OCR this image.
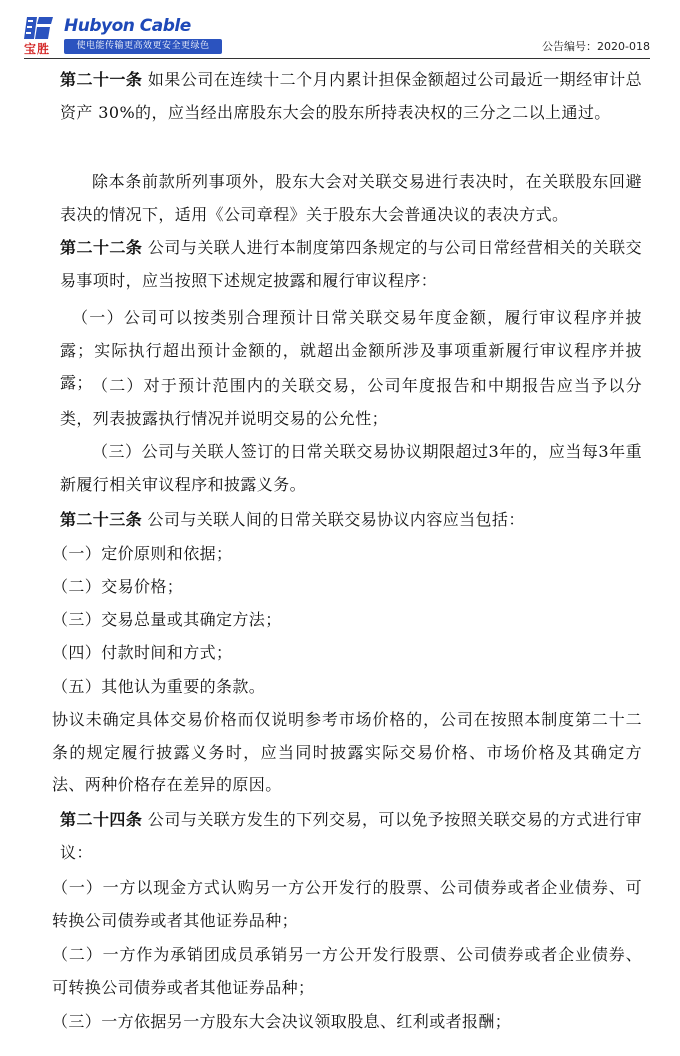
宝胜
Hubyon Cable
使电能传输更高效更安全更绿色	公告编号：2020-018

第二十一条 如果公司在连续十二个月内累计担保金额超过公司最近一期经审计总资产 30%的，应当经出席股东大会的股东所持表决权的三分之二以上通过。

除本条前款所列事项外，股东大会对关联交易进行表决时，在关联股东回避表决的情况下，适用《公司章程》关于股东大会普通决议的表决方式。

第二十二条 公司与关联人进行本制度第四条规定的与公司日常经营相关的关联交易事项时，应当按照下述规定披露和履行审议程序：

（一）公司可以按类别合理预计日常关联交易年度金额，履行审议程序并披露；实际执行超出预计金额的，就超出金额所涉及事项重新履行审议程序并披露； （二）对于预计范围内的关联交易，公司年度报告和中期报告应当予以分类，列表披露执行情况并说明交易的公允性；

（三）公司与关联人签订的日常关联交易协议期限超过3年的，应当每3年重新履行相关审议程序和披露义务。

第二十三条 公司与关联人间的日常关联交易协议内容应当包括：

（一）定价原则和依据；

（二）交易价格；

（三）交易总量或其确定方法；

（四）付款时间和方式；

（五）其他认为重要的条款。

协议未确定具体交易价格而仅说明参考市场价格的，公司在按照本制度第二十二条的规定履行披露义务时，应当同时披露实际交易价格、市场价格及其确定方法、两种价格存在差异的原因。

第二十四条 公司与关联方发生的下列交易，可以免予按照关联交易的方式进行审议：

（一）一方以现金方式认购另一方公开发行的股票、公司债券或者企业债券、可转换公司债券或者其他证券品种；

（二）一方作为承销团成员承销另一方公开发行股票、公司债券或者企业债券、可转换公司债券或者其他证券品种；

（三）一方依据另一方股东大会决议领取股息、红利或者报酬；
